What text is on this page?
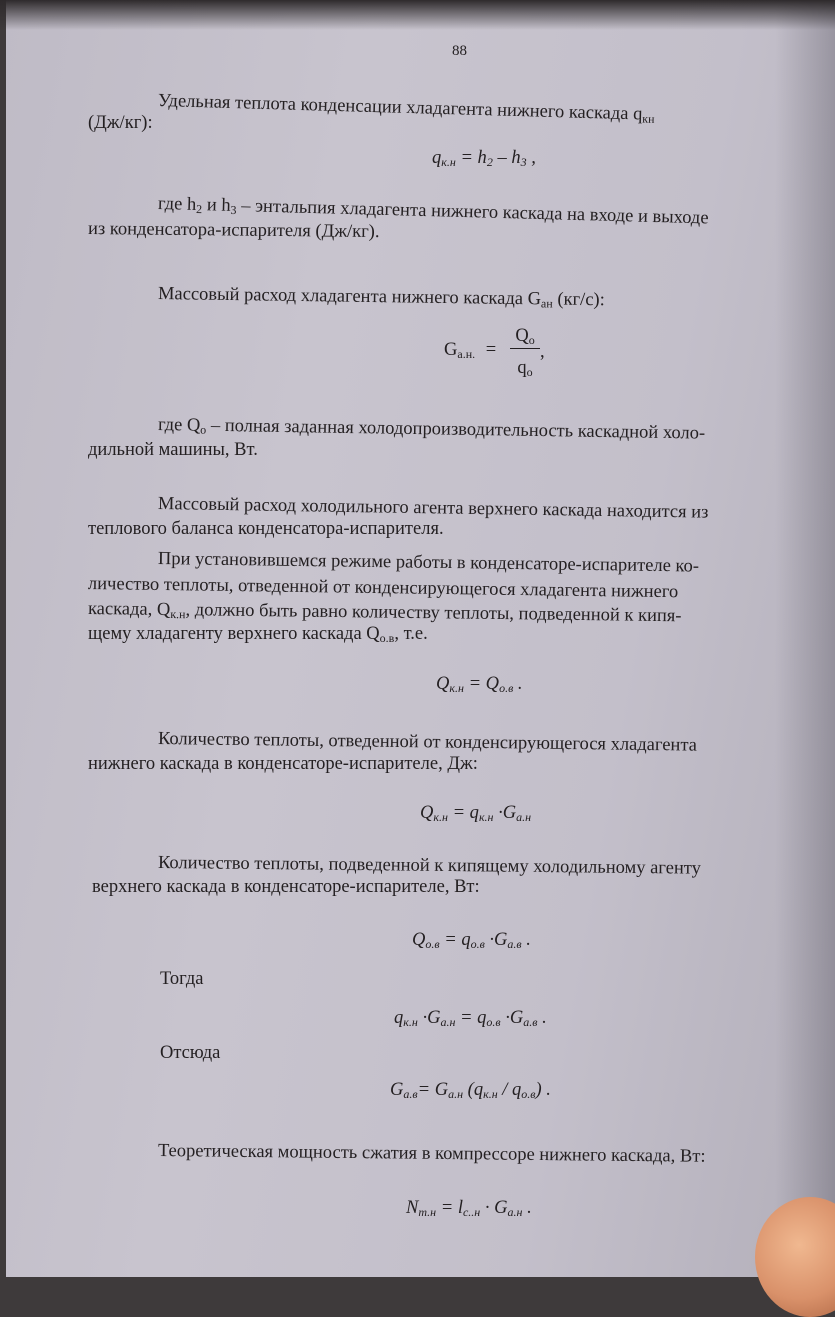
88
Удельная теплота конденсации хладагента нижнего каскада $q_{кн}$
(Дж/кг):
$q_{к.н} = h_2 - h_3$ ,
где $h_2$ и $h_3$ – энтальпия хладагента нижнего каскада на входе и выходе
из конденсатора-испарителя (Дж/кг).
Массовый расход хладагента нижнего каскада $G_{ан}$ (кг/с):
$G_{а.н.}$ =
$Q_о$
$q_о$
,
где $Q_о$ – полная заданная холодопроизводительность каскадной холо-
дильной машины, Вт.
Массовый расход холодильного агента верхнего каскада находится из
теплового баланса конденсатора-испарителя.
При установившемся режиме работы в конденсаторе-испарителе ко-
личество теплоты, отведенной от конденсирующегося хладагента нижнего
каскада, $Q_{к.н}$, должно быть равно количеству теплоты, подведенной к кипя-
щему хладагенту верхнего каскада $Q_{о.в}$, т.е.
$Q_{к.н} = Q_{о.в}$ .
Количество теплоты, отведенной от конденсирующегося хладагента
нижнего каскада в конденсаторе-испарителе, Дж:
$Q_{к.н} = q_{к.н} \cdot G_{а.н}$
Количество теплоты, подведенной к кипящему холодильному агенту
верхнего каскада в конденсаторе-испарителе, Вт:
$Q_{о.в} = q_{о.в} \cdot G_{а.в}$ .
Тогда
$q_{к.н} \cdot G_{а.н} = q_{о.в} \cdot G_{а.в}$ .
Отсюда
$G_{а.в}= G_{а.н}$ $(q_{к.н} / q_{о.в})$ .
Теоретическая мощность сжатия в компрессоре нижнего каскада, Вт:
$N_{т.н} = l_{с..н} \cdot G_{а.н}$ .
